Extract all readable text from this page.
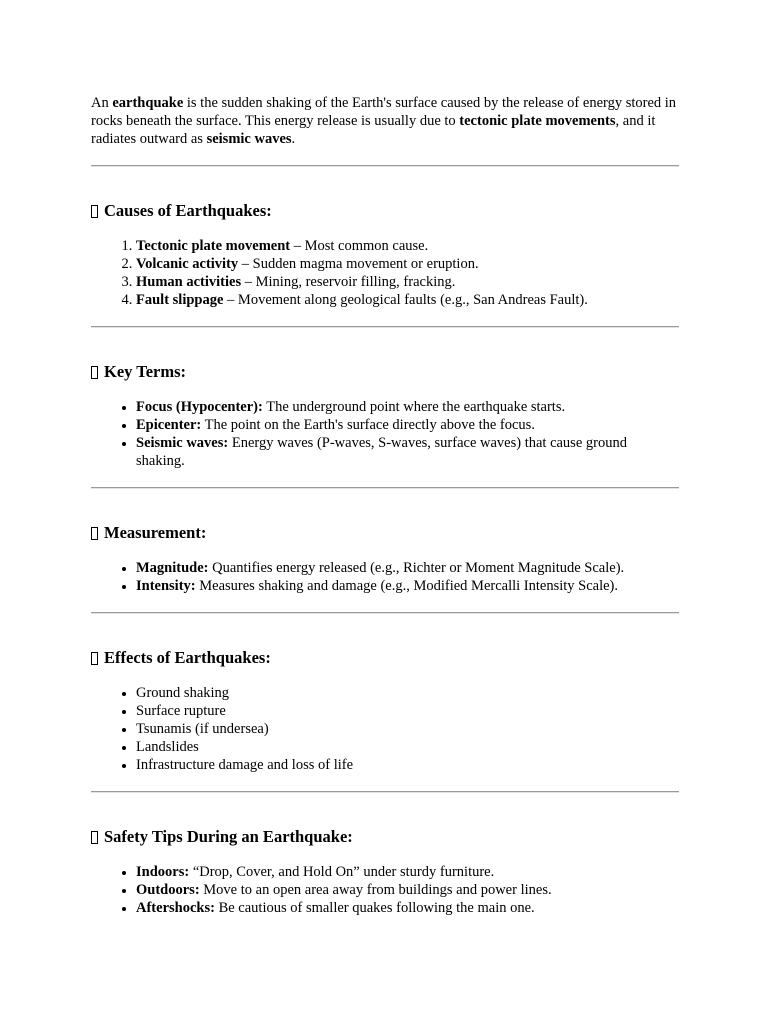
An earthquake is the sudden shaking of the Earth's surface caused by the release of energy stored in rocks beneath the surface. This energy release is usually due to tectonic plate movements, and it radiates outward as seismic waves.

Causes of Earthquakes:
1. Tectonic plate movement – Most common cause.
2. Volcanic activity – Sudden magma movement or eruption.
3. Human activities – Mining, reservoir filling, fracking.
4. Fault slippage – Movement along geological faults (e.g., San Andreas Fault).
Key Terms:
• Focus (Hypocenter): The underground point where the earthquake starts.
• Epicenter: The point on the Earth's surface directly above the focus.
• Seismic waves: Energy waves (P-waves, S-waves, surface waves) that cause ground shaking.
Measurement:
• Magnitude: Quantifies energy released (e.g., Richter or Moment Magnitude Scale).
• Intensity: Measures shaking and damage (e.g., Modified Mercalli Intensity Scale).
Effects of Earthquakes:
• Ground shaking
• Surface rupture
• Tsunamis (if undersea)
• Landslides
• Infrastructure damage and loss of life
Safety Tips During an Earthquake:
• Indoors: “Drop, Cover, and Hold On” under sturdy furniture.
• Outdoors: Move to an open area away from buildings and power lines.
• Aftershocks: Be cautious of smaller quakes following the main one.
